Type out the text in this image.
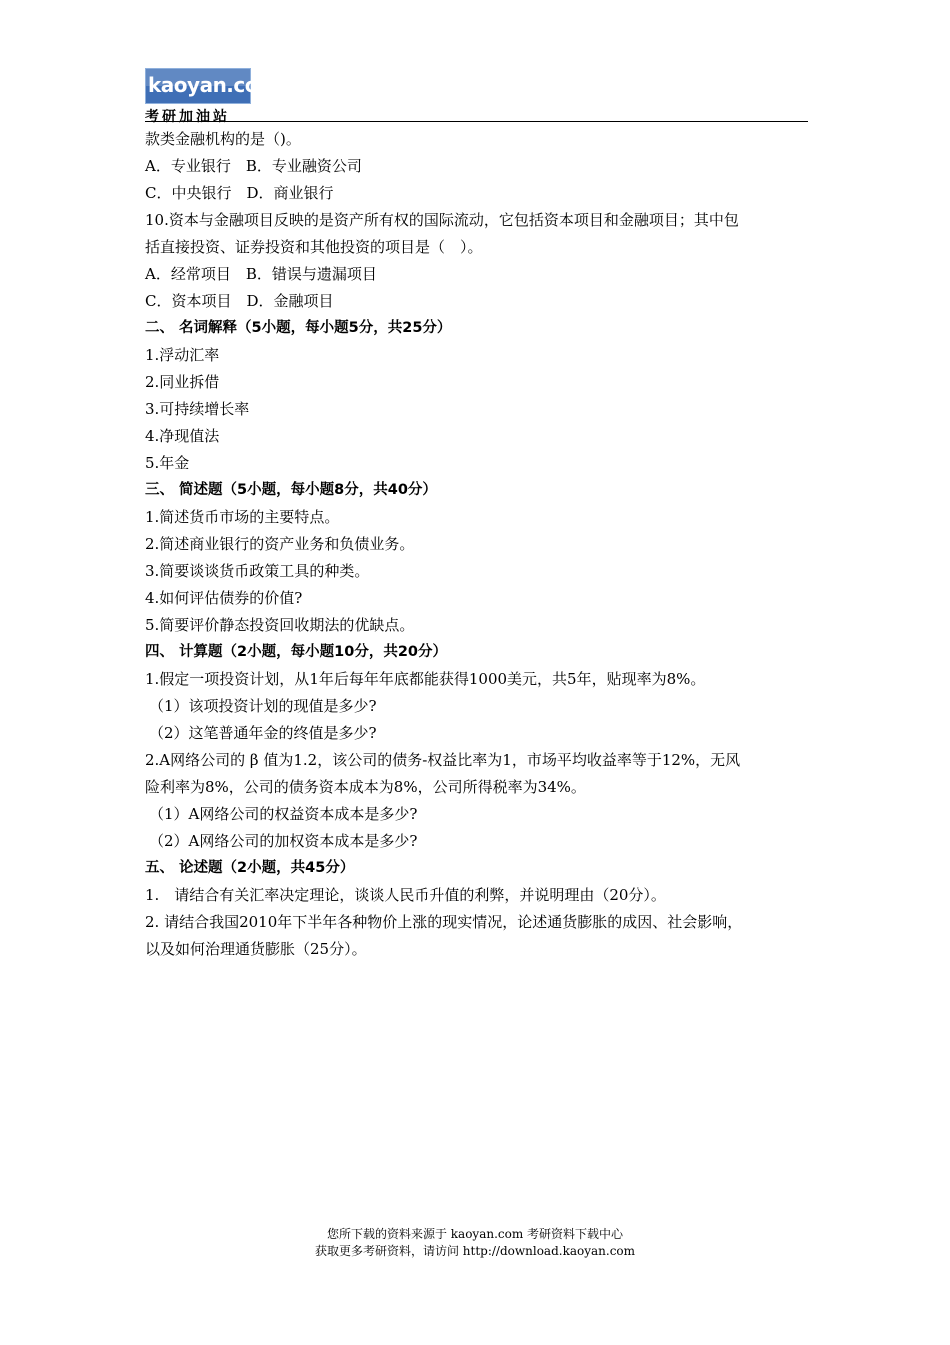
kaoyan.com
考研加油站
款类金融机构的是（)。
A．专业银行　B．专业融资公司
C．中央银行　D．商业银行
10.资本与金融项目反映的是资产所有权的国际流动，它包括资本项目和金融项目；其中包
括直接投资、证券投资和其他投资的项目是（　）。
A．经常项目　B．错误与遗漏项目
C．资本项目　D．金融项目
二、 名词解释（5小题，每小题5分，共25分）
1.浮动汇率
2.同业拆借
3.可持续增长率
4.净现值法
5.年金
三、 简述题（5小题，每小题8分，共40分）
1.简述货币市场的主要特点。
2.简述商业银行的资产业务和负债业务。
3.简要谈谈货币政策工具的种类。
4.如何评估债券的价值?
5.简要评价静态投资回收期法的优缺点。
四、 计算题（2小题，每小题10分，共20分）
1.假定一项投资计划，从1年后每年年底都能获得1000美元，共5年，贴现率为8%。
（1）该项投资计划的现值是多少?
（2）这笔普通年金的终值是多少?
2.A网络公司的 β 值为1.2，该公司的债务-权益比率为1，市场平均收益率等于12%，无风
险利率为8%，公司的债务资本成本为8%，公司所得税率为34%。
（1）A网络公司的权益资本成本是多少?
（2）A网络公司的加权资本成本是多少?
五、 论述题（2小题，共45分）
1.　请结合有关汇率决定理论，谈谈人民币升值的利弊，并说明理由（20分）。
2. 请结合我国2010年下半年各种物价上涨的现实情况，论述通货膨胀的成因、社会影响，
以及如何治理通货膨胀（25分）。
您所下载的资料来源于 kaoyan.com 考研资料下载中心
获取更多考研资料，请访问 http://download.kaoyan.com
